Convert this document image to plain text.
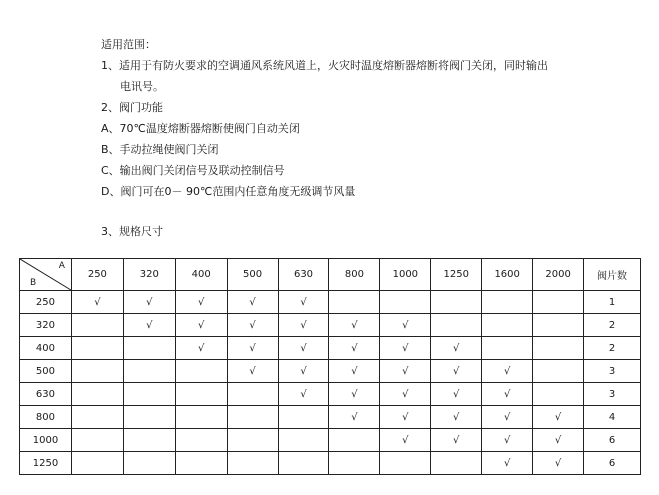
适用范围：
1、适用于有防火要求的空调通风系统风道上，火灾时温度熔断器熔断将阀门关闭，同时输出
电讯号。
2、阀门功能
A、70℃温度熔断器熔断使阀门自动关闭
B、手动拉绳使阀门关闭
C、输出阀门关闭信号及联动控制信号
D、阀门可在0－ 90℃范围内任意角度无级调节风量
3、规格尺寸
A
B	250	320	400	500	630	800	1000	1250	1600	2000	阀片数
250	√	√	√	√	√						1
320		√	√	√	√	√	√				2
400			√	√	√	√	√	√			2
500				√	√	√	√	√	√		3
630					√	√	√	√	√		3
800						√	√	√	√	√	4
1000							√	√	√	√	6
1250									√	√	6
